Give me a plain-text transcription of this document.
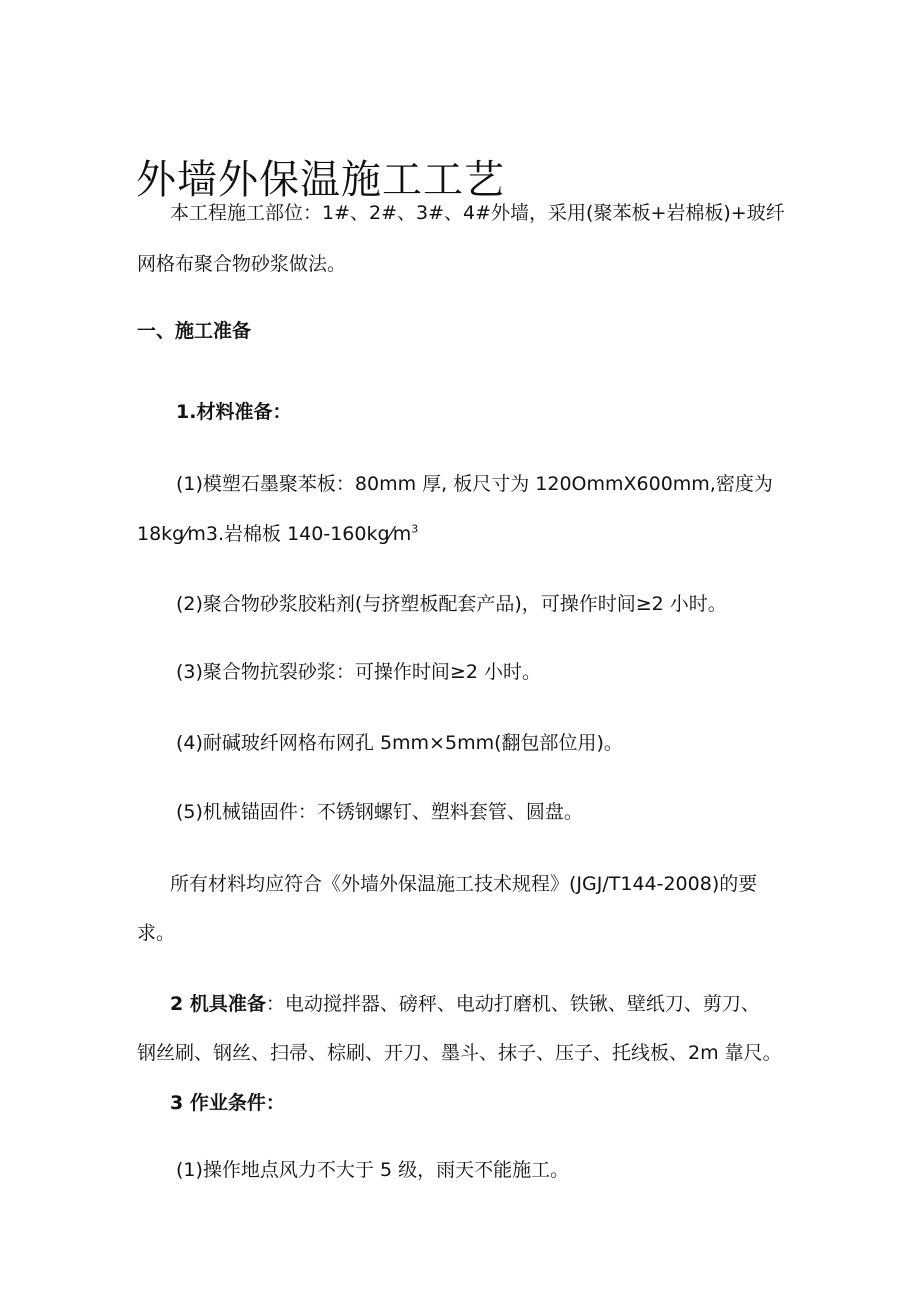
外墙外保温施工工艺
本工程施工部位：1#、2#、3#、4#外墙，采用(聚苯板+岩棉板)+玻纤
网格布聚合物砂浆做法。
一、施工准备
1.材料准备：
(1)模塑石墨聚苯板：80mm 厚, 板尺寸为 120OmmX600mm,密度为
18kg⁄m3.岩棉板 $140-160kg⁄m^3$
(2)聚合物砂浆胶粘剂(与挤塑板配套产品)，可操作时间≥2 小时。
(3)聚合物抗裂砂浆：可操作时间≥2 小时。
(4)耐碱玻纤网格布网孔 5mm×5mm(翻包部位用)。
(5)机械锚固件：不锈钢螺钉、塑料套管、圆盘。
所有材料均应符合《外墙外保温施工技术规程》(JGJ/T144-2008)的要
求。
2 机具准备：电动搅拌器、磅秤、电动打磨机、铁锹、壁纸刀、剪刀、
钢丝刷、钢丝、扫帚、棕刷、开刀、墨斗、抹子、压子、托线板、2m 靠尺。
3 作业条件：
(1)操作地点风力不大于 5 级，雨天不能施工。
